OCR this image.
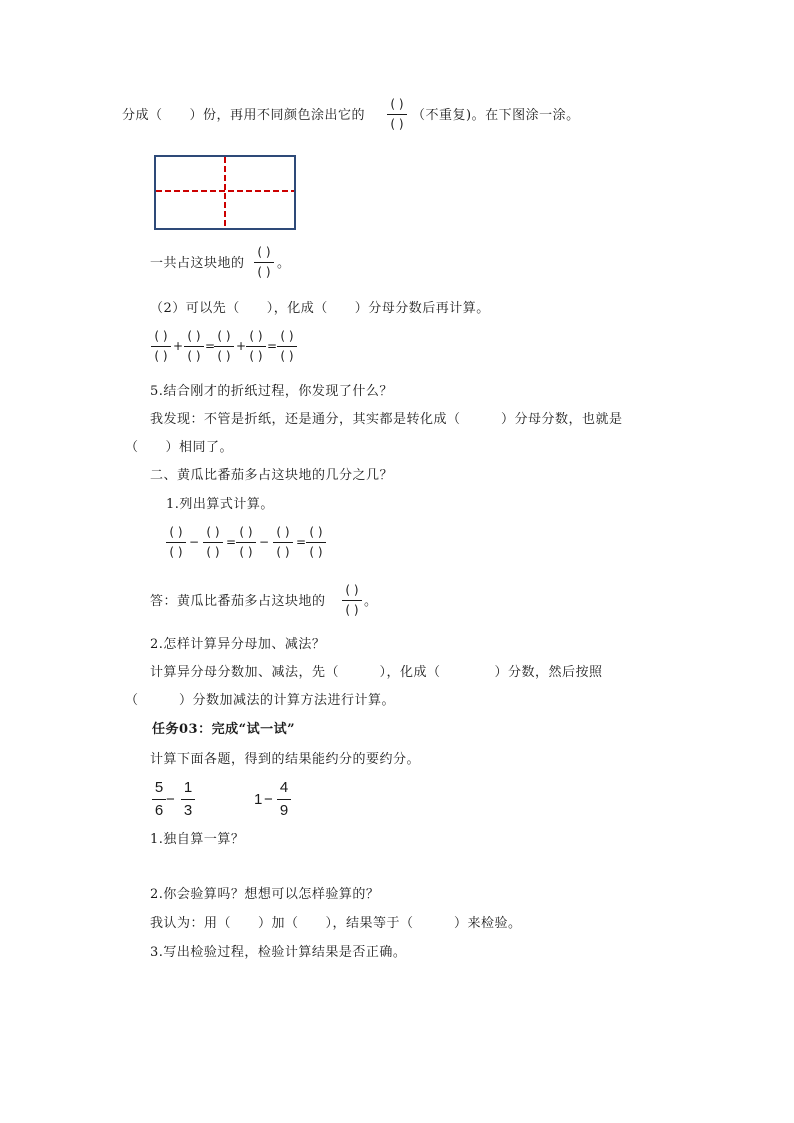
分成（　　）份，再用不同颜色涂出它的
( )
( )
（不重复)。在下图涂一涂。
一共占这块地的
( )
( )
。
（2）可以先（　　），化成（　　）分母分数后再计算。
( )
( )
+
( )
( )
=
( )
( )
+
( )
( )
=
( )
( )
5.结合刚才的折纸过程，你发现了什么？
我发现：不管是折纸，还是通分，其实都是转化成（　　　）分母分数，也就是
（　　）相同了。
二、黄瓜比番茄多占这块地的几分之几？
1.列出算式计算。
( )
( )
−
( )
( )
=
( )
( )
−
( )
( )
=
( )
( )
答：黄瓜比番茄多占这块地的
( )
( )
。
2.怎样计算异分母加、减法？
计算异分母分数加、减法，先（　　　），化成（　　　　）分数，然后按照
（　　　）分数加减法的计算方法进行计算。
任务03：完成“试一试”
计算下面各题，得到的结果能约分的要约分。
5
6
−
1
3
1 −
4
9
1.独自算一算？
2.你会验算吗？想想可以怎样验算的？
我认为：用（　　）加（　　），结果等于（　　　）来检验。
3.写出检验过程，检验计算结果是否正确。
